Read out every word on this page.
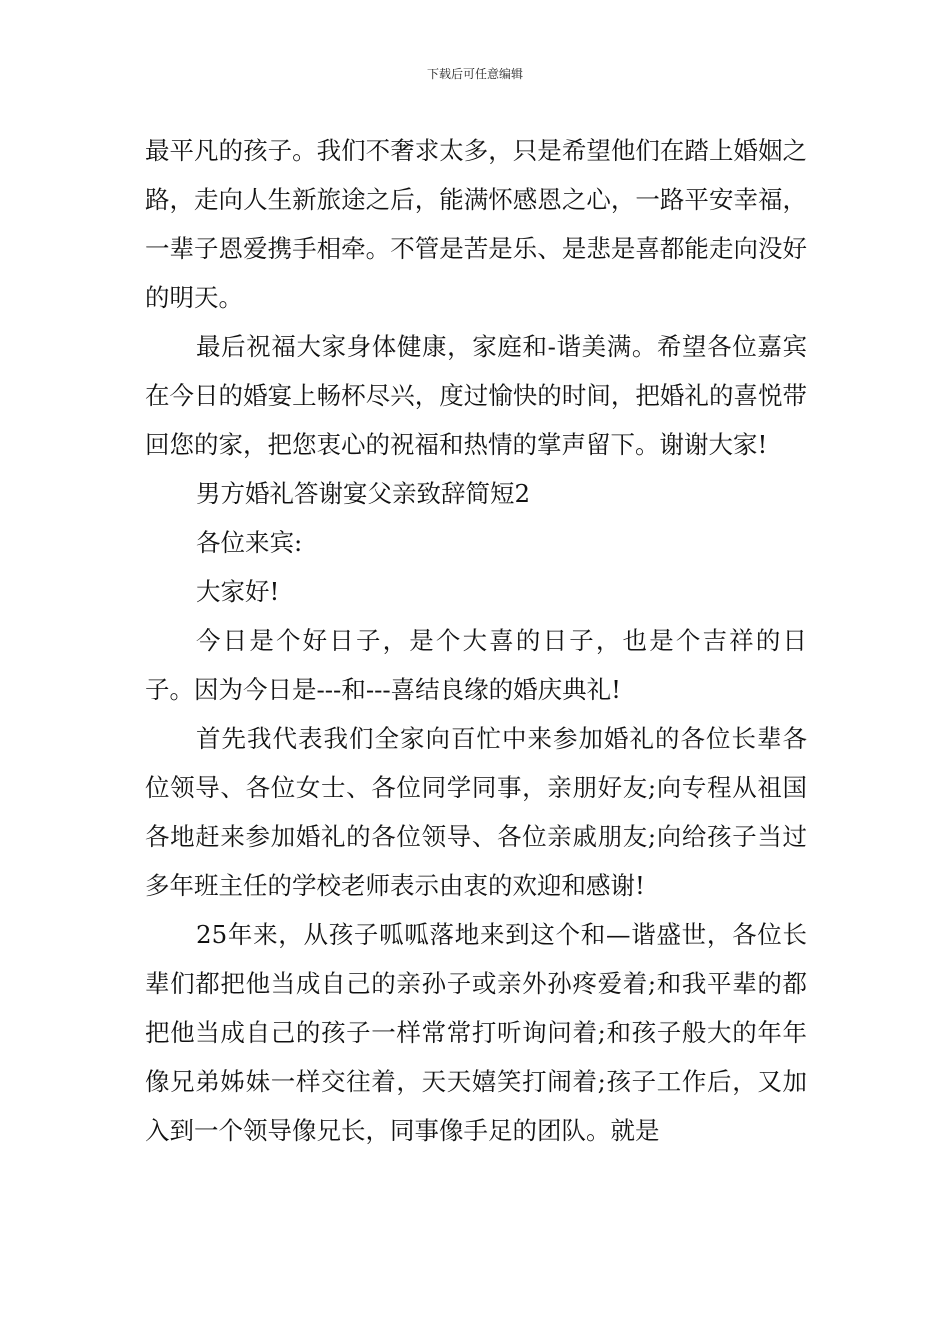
下载后可任意编辑

最平凡的孩子。我们不奢求太多，只是希望他们在踏上婚姻之路，走向人生新旅途之后，能满怀感恩之心，一路平安幸福，一辈子恩爱携手相牵。不管是苦是乐、是悲是喜都能走向没好的明天。

最后祝福大家身体健康，家庭和-谐美满。希望各位嘉宾在今日的婚宴上畅杯尽兴，度过愉快的时间，把婚礼的喜悦带回您的家，把您衷心的祝福和热情的掌声留下。谢谢大家!

男方婚礼答谢宴父亲致辞简短2

各位来宾:

大家好!

今日是个好日子，是个大喜的日子，也是个吉祥的日子。因为今日是---和---喜结良缘的婚庆典礼!

首先我代表我们全家向百忙中来参加婚礼的各位长辈各位领导、各位女士、各位同学同事，亲朋好友;向专程从祖国各地赶来参加婚礼的各位领导、各位亲戚朋友;向给孩子当过多年班主任的学校老师表示由衷的欢迎和感谢!

25年来，从孩子呱呱落地来到这个和—谐盛世，各位长辈们都把他当成自己的亲孙子或亲外孙疼爱着;和我平辈的都把他当成自己的孩子一样常常打听询问着;和孩子般大的年年像兄弟姊妹一样交往着，天天嬉笑打闹着;孩子工作后，又加入到一个领导像兄长，同事像手足的团队。就是
